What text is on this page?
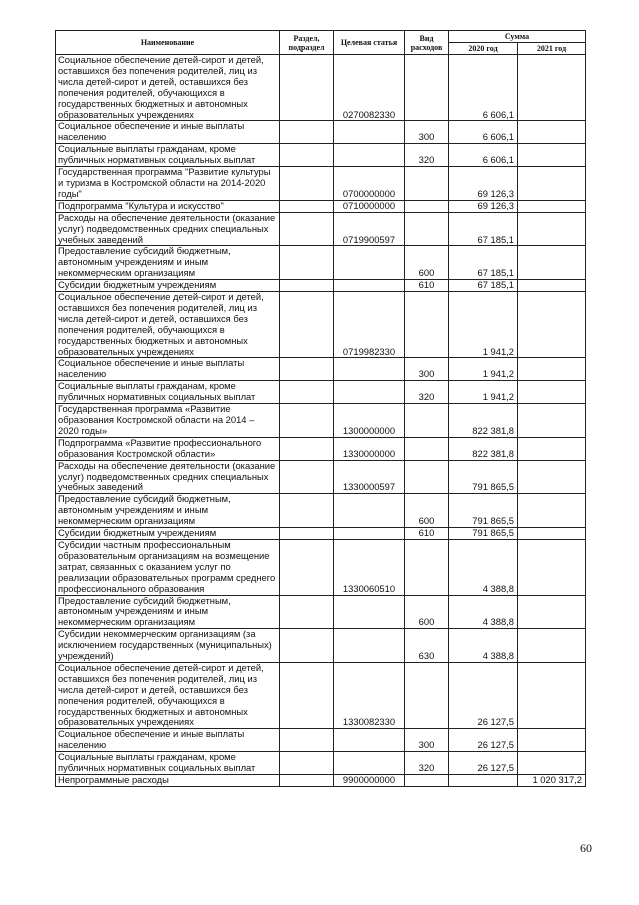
Наименование	Раздел, подраздел	Целевая статья	Вид расходов	Сумма	
				2020 год	2021 год
Социальное обеспечение детей-сирот и детей, оставшихся без попечения родителей, лиц из числа детей-сирот и детей, оставшихся без попечения родителей, обучающихся в государственных бюджетных и автономных образовательных учреждениях		0270082330		6 606,1	
Социальное обеспечение и иные выплаты населению			300	6 606,1	
Социальные выплаты гражданам, кроме публичных нормативных социальных выплат			320	6 606,1	
Государственная программа "Развитие культуры и туризма в Костромской области на 2014-2020 годы"		0700000000		69 126,3	
Подпрограмма "Культура и искусство"		0710000000		69 126,3	
Расходы на обеспечение деятельности (оказание услуг) подведомственных средних специальных учебных заведений		0719900597		67 185,1	
Предоставление субсидий бюджетным, автономным учреждениям и иным некоммерческим организациям			600	67 185,1	
Субсидии бюджетным учреждениям			610	67 185,1	
Социальное обеспечение детей-сирот и детей, оставшихся без попечения родителей, лиц из числа детей-сирот и детей, оставшихся без попечения родителей, обучающихся в государственных бюджетных и автономных образовательных учреждениях		0719982330		1 941,2	
Социальное обеспечение и иные выплаты населению			300	1 941,2	
Социальные выплаты гражданам, кроме публичных нормативных социальных выплат			320	1 941,2	
Государственная программа «Развитие образования Костромской области на 2014 – 2020 годы»		1300000000		822 381,8	
Подпрограмма «Развитие профессионального образования Костромской области»		1330000000		822 381,8	
Расходы на обеспечение деятельности (оказание услуг) подведомственных средних специальных учебных заведений		1330000597		791 865,5	
Предоставление субсидий бюджетным, автономным учреждениям и иным некоммерческим организациям			600	791 865,5	
Субсидии бюджетным учреждениям			610	791 865,5	
Субсидии частным профессиональным образовательным организациям на возмещение затрат, связанных с оказанием услуг по реализации образовательных программ среднего профессионального образования		1330060510		4 388,8	
Предоставление субсидий бюджетным, автономным учреждениям и иным некоммерческим организациям			600	4 388,8	
Субсидии некоммерческим организациям (за исключением государственных (муниципальных) учреждений)			630	4 388,8	
Социальное обеспечение детей-сирот и детей, оставшихся без попечения родителей, лиц из числа детей-сирот и детей, оставшихся без попечения родителей, обучающихся в государственных бюджетных и автономных образовательных учреждениях		1330082330		26 127,5	
Социальное обеспечение и иные выплаты населению			300	26 127,5	
Социальные выплаты гражданам, кроме публичных нормативных социальных выплат			320	26 127,5	
Непрограммные расходы		9900000000			1 020 317,2
60
